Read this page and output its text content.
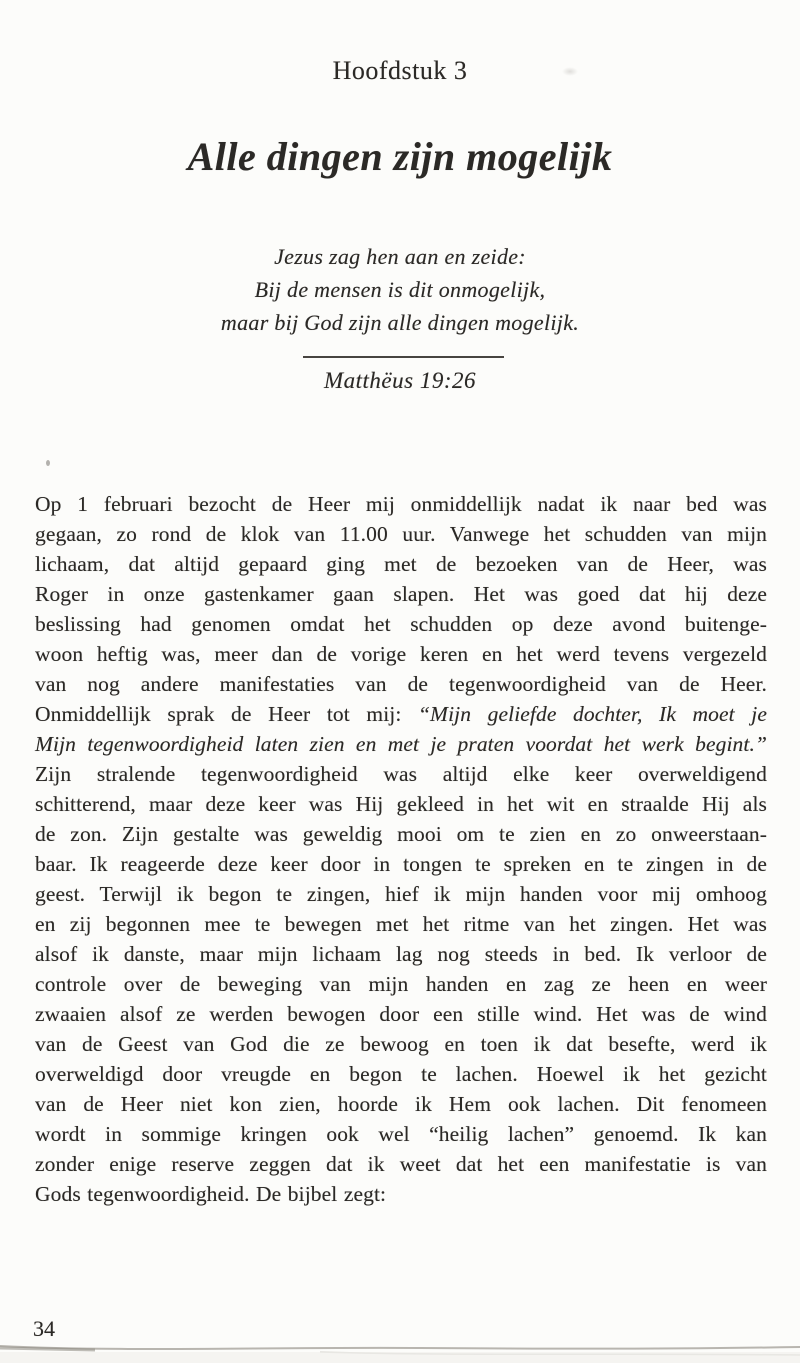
Hoofdstuk 3
Alle dingen zijn mogelijk
Jezus zag hen aan en zeide:
Bij de mensen is dit onmogelijk,
maar bij God zijn alle dingen mogelijk.
Matthëus 19:26
Op 1 februari bezocht de Heer mij onmiddellijk nadat ik naar bed was
gegaan, zo rond de klok van 11.00 uur. Vanwege het schudden van mijn
lichaam, dat altijd gepaard ging met de bezoeken van de Heer, was
Roger in onze gastenkamer gaan slapen. Het was goed dat hij deze
beslissing had genomen omdat het schudden op deze avond buitenge-
woon heftig was, meer dan de vorige keren en het werd tevens vergezeld
van nog andere manifestaties van de tegenwoordigheid van de Heer.
Onmiddellijk sprak de Heer tot mij: “Mijn geliefde dochter, Ik moet je
Mijn tegenwoordigheid laten zien en met je praten voordat het werk begint.”
Zijn stralende tegenwoordigheid was altijd elke keer overweldigend
schitterend, maar deze keer was Hij gekleed in het wit en straalde Hij als
de zon. Zijn gestalte was geweldig mooi om te zien en zo onweerstaan-
baar. Ik reageerde deze keer door in tongen te spreken en te zingen in de
geest. Terwijl ik begon te zingen, hief ik mijn handen voor mij omhoog
en zij begonnen mee te bewegen met het ritme van het zingen. Het was
alsof ik danste, maar mijn lichaam lag nog steeds in bed. Ik verloor de
controle over de beweging van mijn handen en zag ze heen en weer
zwaaien alsof ze werden bewogen door een stille wind. Het was de wind
van de Geest van God die ze bewoog en toen ik dat besefte, werd ik
overweldigd door vreugde en begon te lachen. Hoewel ik het gezicht
van de Heer niet kon zien, hoorde ik Hem ook lachen. Dit fenomeen
wordt in sommige kringen ook wel “heilig lachen” genoemd. Ik kan
zonder enige reserve zeggen dat ik weet dat het een manifestatie is van
Gods tegenwoordigheid. De bijbel zegt:
34
